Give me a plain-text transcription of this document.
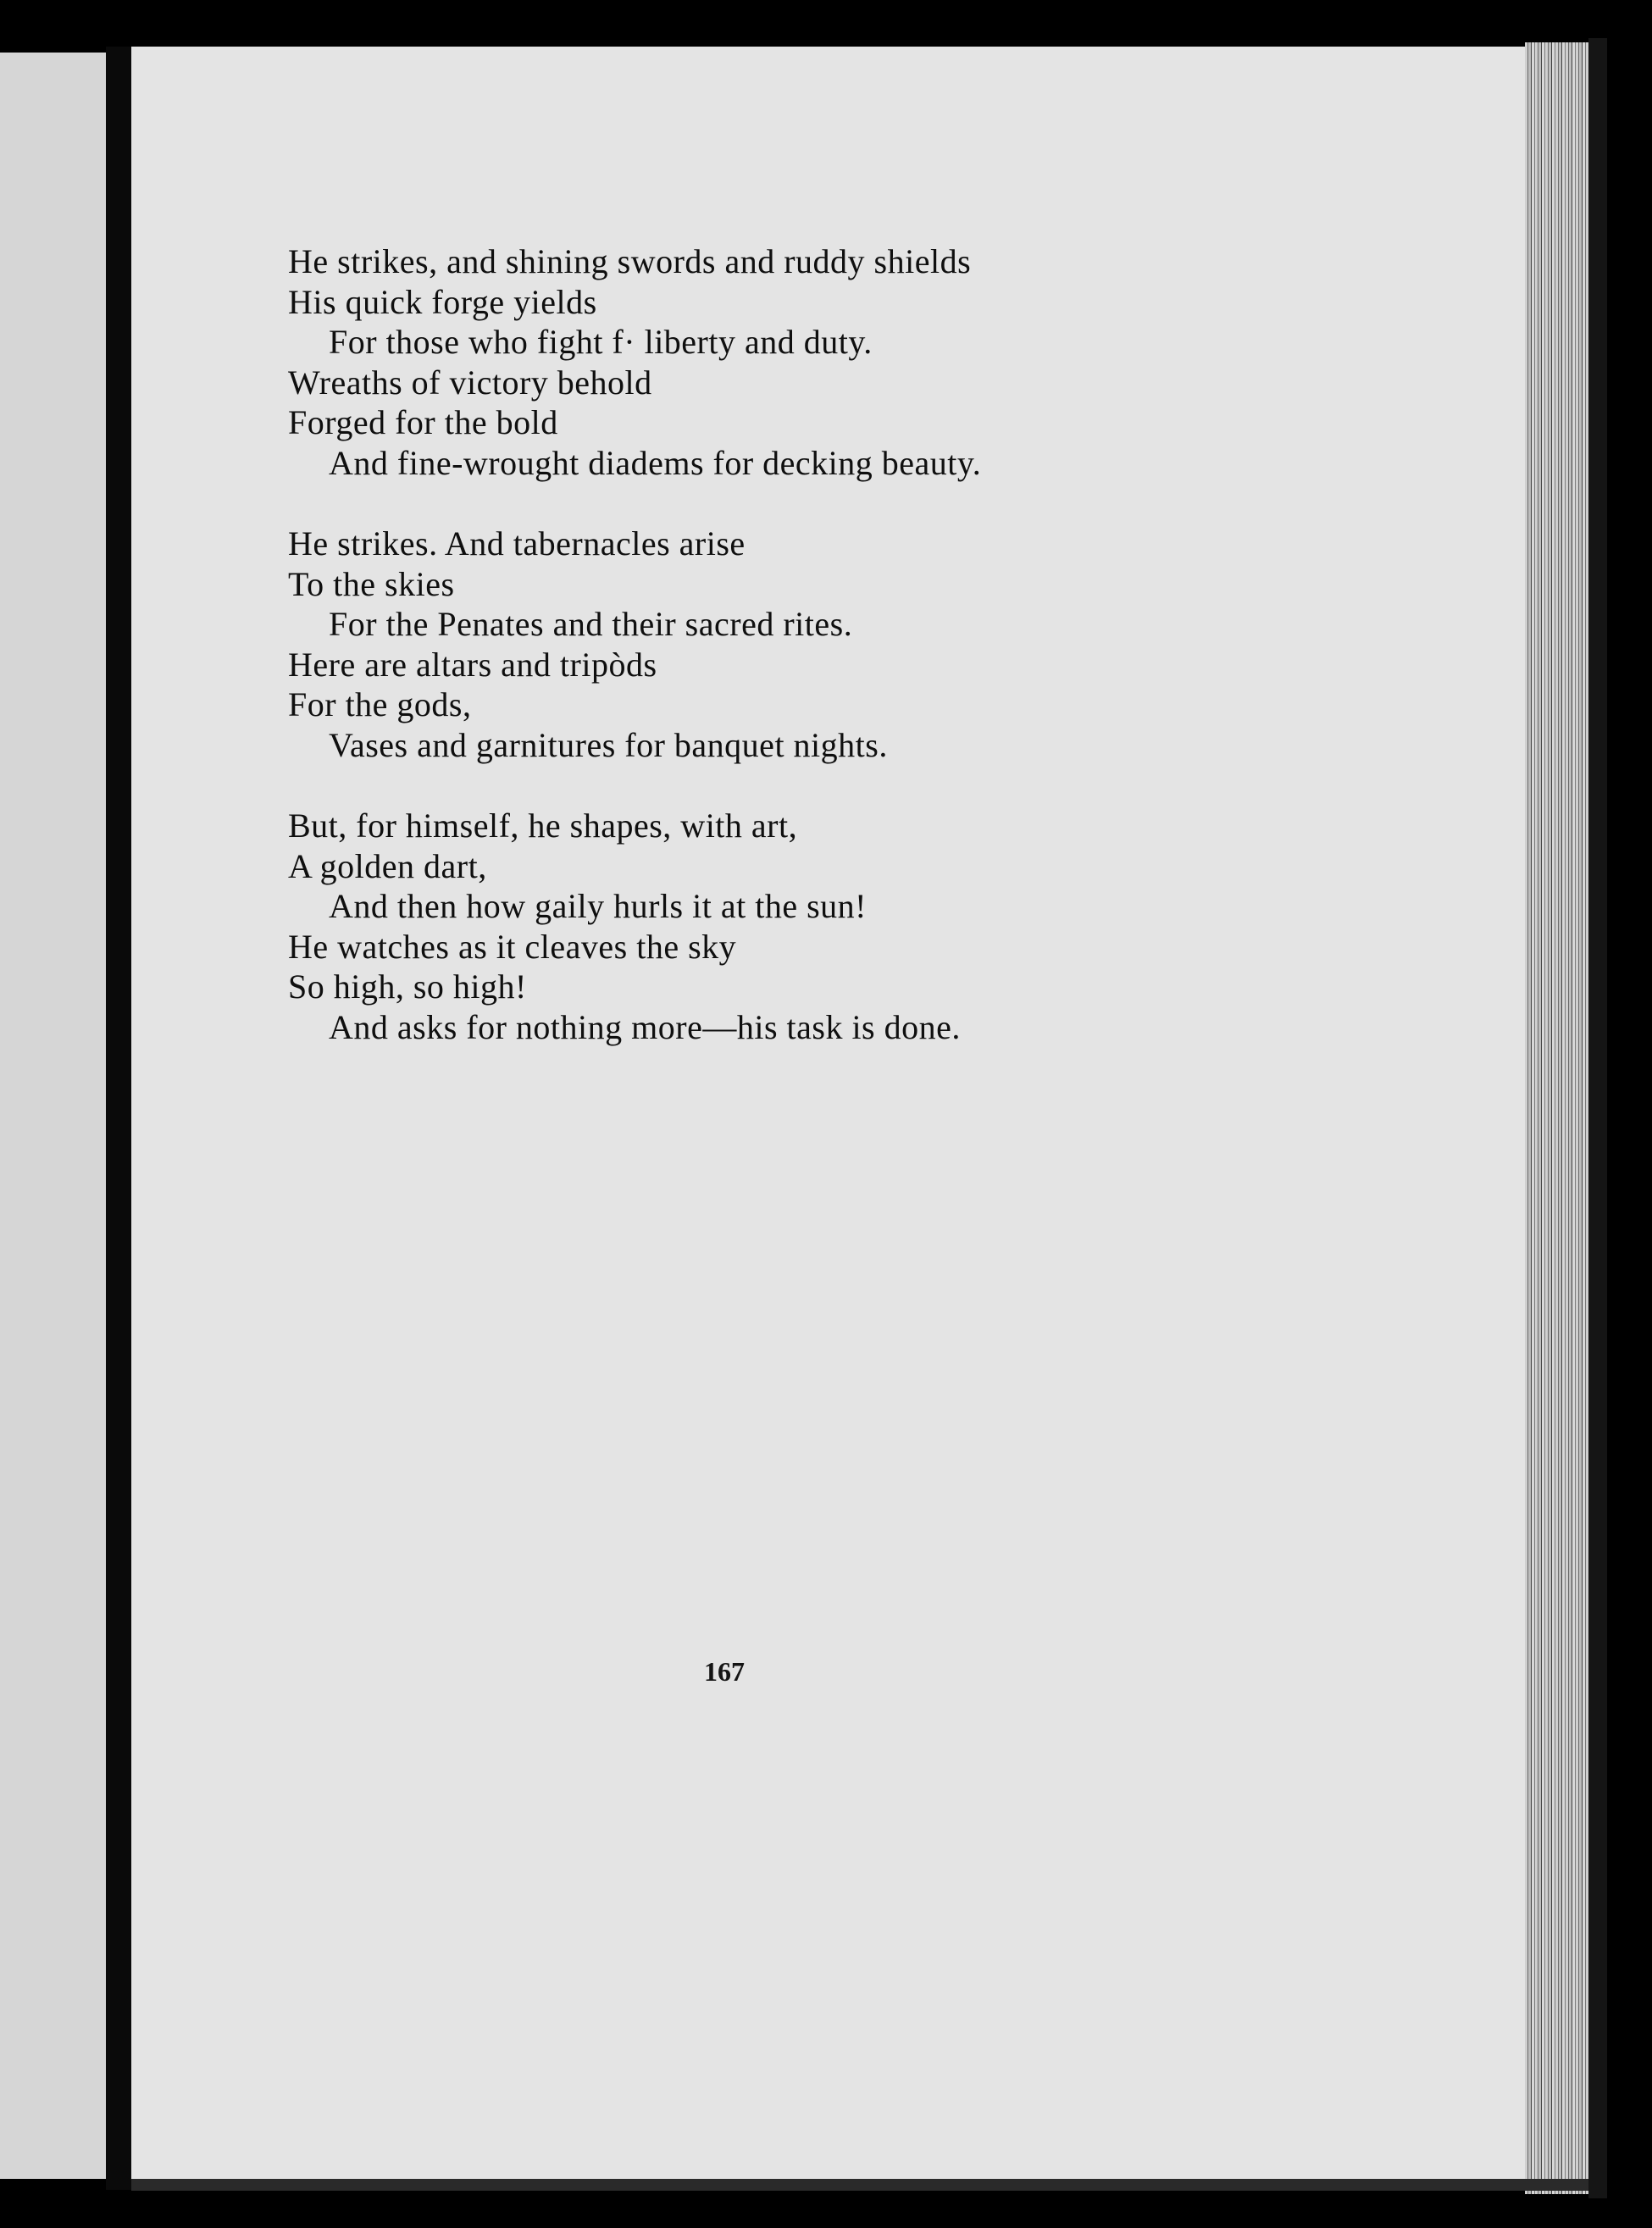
He strikes, and shining swords and ruddy shields
His quick forge yields
For those who fight f· liberty and duty.
Wreaths of victory behold
Forged for the bold
And fine-wrought diadems for decking beauty.
He strikes. And tabernacles arise
To the skies
For the Penates and their sacred rites.
Here are altars and tripòds
For the gods,
Vases and garnitures for banquet nights.
But, for himself, he shapes, with art,
A golden dart,
And then how gaily hurls it at the sun!
He watches as it cleaves the sky
So high, so high!
And asks for nothing more—his task is done.
167
